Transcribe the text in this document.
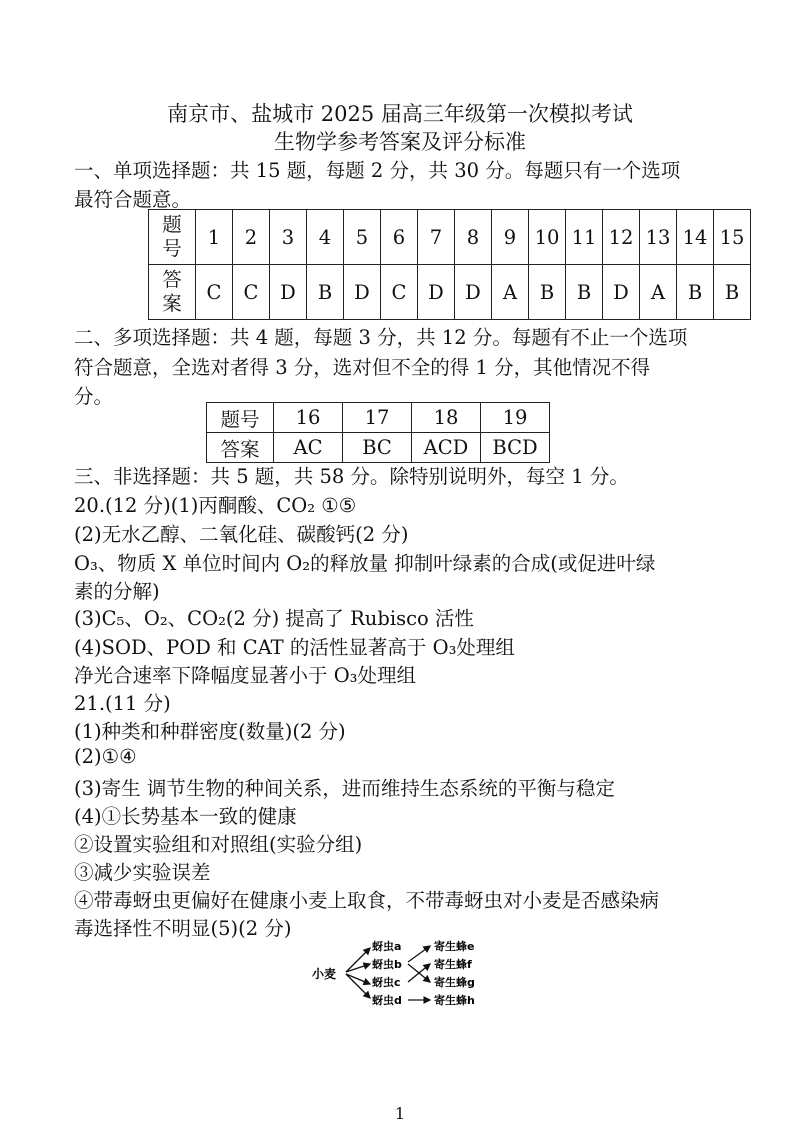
南京市、盐城市 2025 届高三年级第一次模拟考试
生物学参考答案及评分标准
一、单项选择题：共 15 题，每题 2 分，共 30 分。每题只有一个选项
最符合题意。
题
号	1	2	3	4	5	6	7	8	9	10	11	12	13	14	15
答
案	C	C	D	B	D	C	D	D	A	B	B	D	A	B	B
二、多项选择题：共 4 题，每题 3 分，共 12 分。每题有不止一个选项
符合题意，全选对者得 3 分，选对但不全的得 1 分，其他情况不得
分。
题号	16	17	18	19
答案	AC	BC	ACD	BCD
三、非选择题：共 5 题，共 58 分。除特别说明外，每空 1 分。
20.(12 分)(1)丙酮酸、CO₂ ①⑤
(2)无水乙醇、二氧化硅、碳酸钙(2 分)
O₃、物质 X 单位时间内 O₂的释放量 抑制叶绿素的合成(或促进叶绿
素的分解)
(3)C₅、O₂、CO₂(2 分) 提高了 Rubisco 活性
(4)SOD、POD 和 CAT 的活性显著高于 O₃处理组
净光合速率下降幅度显著小于 O₃处理组
21.(11 分)
(1)种类和种群密度(数量)(2 分)
(2)①④
(3)寄生 调节生物的种间关系，进而维持生态系统的平衡与稳定
(4)①长势基本一致的健康
②设置实验组和对照组(实验分组)
③减少实验误差
④带毒蚜虫更偏好在健康小麦上取食，不带毒蚜虫对小麦是否感染病
毒选择性不明显(5)(2 分)
小麦
蚜虫a
蚜虫b
蚜虫c
蚜虫d
寄生蜂e
寄生蜂f
寄生蜂g
寄生蜂h
1
